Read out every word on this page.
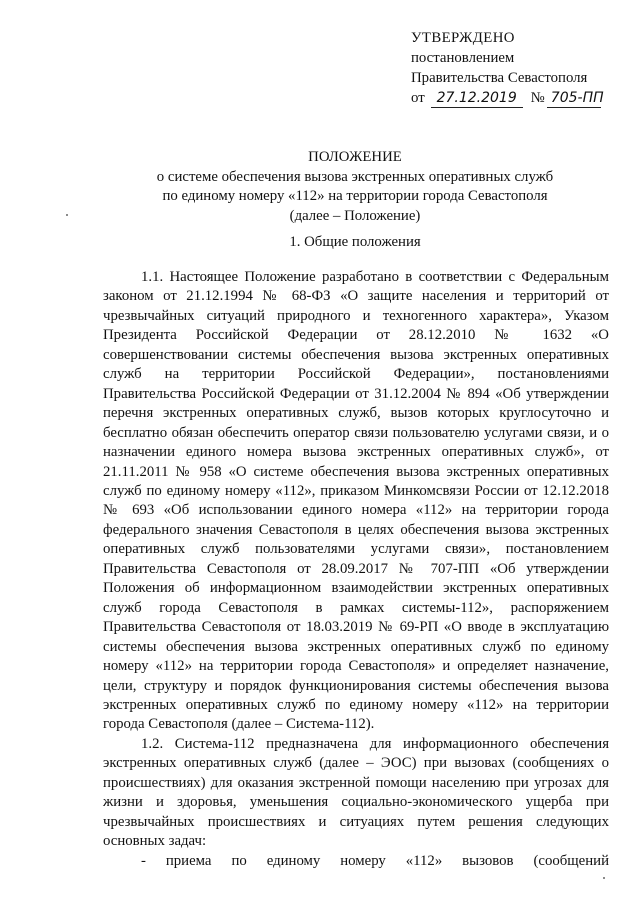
УТВЕРЖДЕНО
постановлением
Правительства Севастополя
от 27.12.2019 № 705-ПП
ПОЛОЖЕНИЕ
о системе обеспечения вызова экстренных оперативных служб
по единому номеру «112» на территории города Севастополя
(далее – Положение)
1. Общие положения

1.1. Настоящее Положение разработано в соответствии с Федеральным законом от 21.12.1994 № 68-ФЗ «О защите населения и территорий от чрезвычайных ситуаций природного и техногенного характера», Указом Президента Российской Федерации от 28.12.2010 № 1632 «О совершенствовании системы обеспечения вызова экстренных оперативных служб на территории Российской Федерации», постановлениями Правительства Российской Федерации от 31.12.2004 № 894 «Об утверждении перечня экстренных оперативных служб, вызов которых круглосуточно и бесплатно обязан обеспечить оператор связи пользователю услугами связи, и о назначении единого номера вызова экстренных оперативных служб», от 21.11.2011 № 958 «О системе обеспечения вызова экстренных оперативных служб по единому номеру «112», приказом Минкомсвязи России от 12.12.2018 № 693 «Об использовании единого номера «112» на территории города федерального значения Севастополя в целях обеспечения вызова экстренных оперативных служб пользователями услугами связи», постановлением Правительства Севастополя от 28.09.2017 № 707-ПП «Об утверждении Положения об информационном взаимодействии экстренных оперативных служб города Севастополя в рамках системы-112», распоряжением Правительства Севастополя от 18.03.2019 № 69-РП «О вводе в эксплуатацию системы обеспечения вызова экстренных оперативных служб по единому номеру «112» на территории города Севастополя» и определяет назначение, цели, структуру и порядок функционирования системы обеспечения вызова экстренных оперативных служб по единому номеру «112» на территории города Севастополя (далее – Система-112).

1.2. Система-112 предназначена для информационного обеспечения экстренных оперативных служб (далее – ЭОС) при вызовах (сообщениях о происшествиях) для оказания экстренной помощи населению при угрозах для жизни и здоровья, уменьшения социально-экономического ущерба при чрезвычайных происшествиях и ситуациях путем решения следующих основных задач:

- приема по единому номеру «112» вызовов (сообщений
